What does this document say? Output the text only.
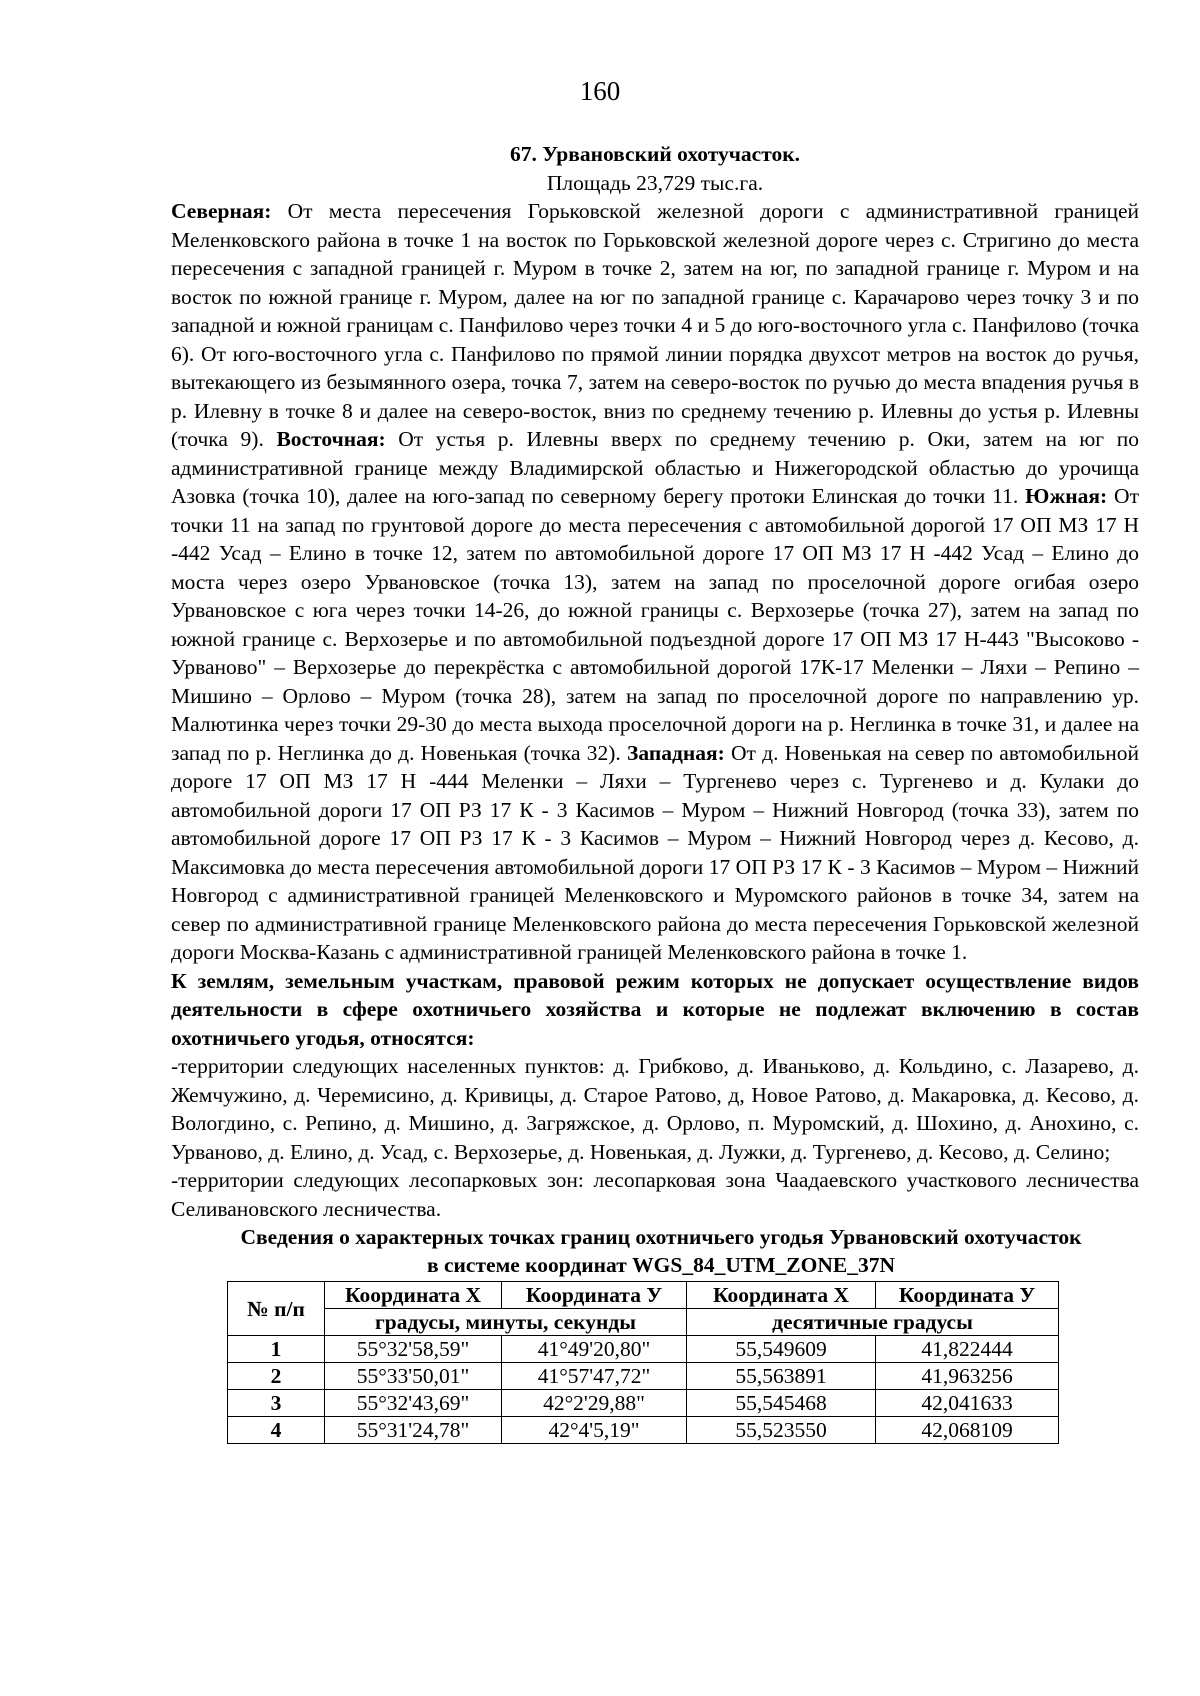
160
67. Урвановский охотучасток.
Площадь 23,729 тыс.га.

Северная: От места пересечения Горьковской железной дороги с административной границей Меленковского района в точке 1 на восток по Горьковской железной дороге через с. Стригино до места пересечения с западной границей г. Муром в точке 2, затем на юг, по западной границе г. Муром и на восток по южной границе г. Муром, далее на юг по западной границе с. Карачарово через точку 3 и по западной и южной границам с. Панфилово через точки 4 и 5 до юго-восточного угла с. Панфилово (точка 6). От юго-восточного угла с. Панфилово по прямой линии порядка двухсот метров на восток до ручья, вытекающего из безымянного озера, точка 7, затем на северо-восток по ручью до места впадения ручья в р. Илевну в точке 8 и далее на северо-восток, вниз по среднему течению р. Илевны до устья р. Илевны (точка 9). Восточная: От устья р. Илевны вверх по среднему течению р. Оки, затем на юг по административной границе между Владимирской областью и Нижегородской областью до урочища Азовка (точка 10), далее на юго-запад по северному берегу протоки Елинская до точки 11. Южная: От точки 11 на запад по грунтовой дороге до места пересечения с автомобильной дорогой 17 ОП МЗ 17 Н -442 Усад – Елино в точке 12, затем по автомобильной дороге 17 ОП МЗ 17 Н -442 Усад – Елино до моста через озеро Урвановское (точка 13), затем на запад по проселочной дороге огибая озеро Урвановское с юга через точки 14-26, до южной границы с. Верхозерье (точка 27), затем на запад по южной границе с. Верхозерье и по автомобильной подъездной дороге 17 ОП МЗ 17 Н-443 "Высоково - Урваново" – Верхозерье до перекрёстка с автомобильной дорогой 17К-17 Меленки – Ляхи – Репино – Мишино – Орлово – Муром (точка 28), затем на запад по проселочной дороге по направлению ур. Малютинка через точки 29-30 до места выхода проселочной дороги на р. Неглинка в точке 31, и далее на запад по р. Неглинка до д. Новенькая (точка 32). Западная: От д. Новенькая на север по автомобильной дороге 17 ОП МЗ 17 Н -444 Меленки – Ляхи – Тургенево через с. Тургенево и д. Кулаки до автомобильной дороги 17 ОП РЗ 17 К - 3 Касимов – Муром – Нижний Новгород (точка 33), затем по автомобильной дороге 17 ОП РЗ 17 К - 3 Касимов – Муром – Нижний Новгород через д. Кесово, д. Максимовка до места пересечения автомобильной дороги 17 ОП РЗ 17 К - 3 Касимов – Муром – Нижний Новгород с административной границей Меленковского и Муромского районов в точке 34, затем на север по административной границе Меленковского района до места пересечения Горьковской железной дороги Москва-Казань с административной границей Меленковского района в точке 1.

К землям, земельным участкам, правовой режим которых не допускает осуществление видов деятельности в сфере охотничьего хозяйства и которые не подлежат включению в состав охотничьего угодья, относятся:

-территории следующих населенных пунктов: д. Грибково, д. Иваньково, д. Кольдино, с. Лазарево, д. Жемчужино, д. Черемисино, д. Кривицы, д. Старое Ратово, д, Новое Ратово, д. Макаровка, д. Кесово, д. Вологдино, с. Репино, д. Мишино, д. Загряжское, д. Орлово, п. Муромский, д. Шохино, д. Анохино, с. Урваново, д. Елино, д. Усад, с. Верхозерье, д. Новенькая, д. Лужки, д. Тургенево, д. Кесово, д. Селино;

-территории следующих лесопарковых зон: лесопарковая зона Чаадаевского участкового лесничества Селивановского лесничества.

Сведения о характерных точках границ охотничьего угодья Урвановский охотучасток
в системе координат WGS_84_UTM_ZONE_37N
№ п/п	Координата Х	Координата У	Координата Х	Координата У
	градусы, минуты, секунды		десятичные градусы	
1	55°32'58,59"	41°49'20,80"	55,549609	41,822444
2	55°33'50,01"	41°57'47,72"	55,563891	41,963256
3	55°32'43,69"	42°2'29,88"	55,545468	42,041633
4	55°31'24,78"	42°4'5,19"	55,523550	42,068109
